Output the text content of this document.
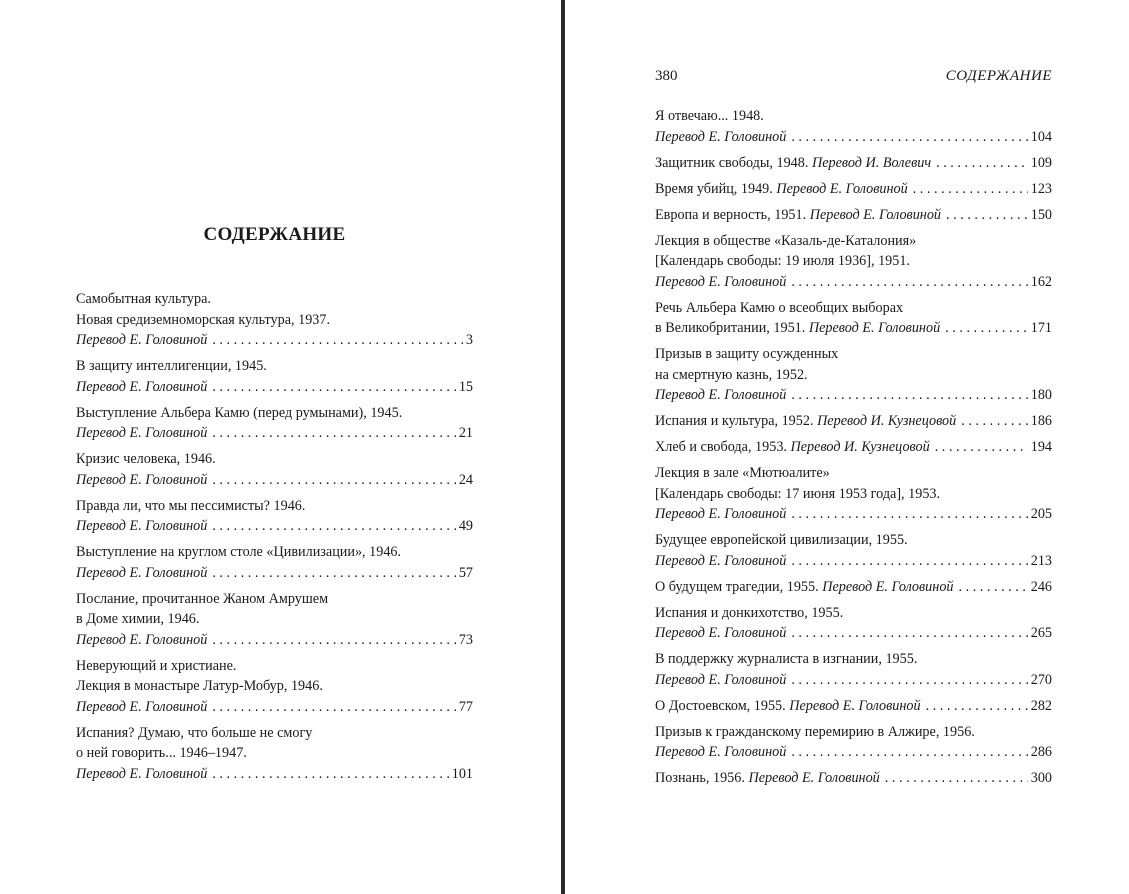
СОДЕРЖАНИЕ
Самобытная культура.
Новая средиземноморская культура, 1937.
Перевод Е. Головиной . . .	3
В защиту интеллигенции, 1945.
Перевод Е. Головиной . . .	15
Выступление Альбера Камю (перед румынами), 1945.
Перевод Е. Головиной . . .	21
Кризис человека, 1946.
Перевод Е. Головиной . . .	24
Правда ли, что мы пессимисты? 1946.
Перевод Е. Головиной . . .	49
Выступление на круглом столе «Цивилизации», 1946.
Перевод Е. Головиной . . .	57
Послание, прочитанное Жаном Амрушем
в Доме химии, 1946.
Перевод Е. Головиной . . .	73
Неверующий и христиане.
Лекция в монастыре Латур-Мобур, 1946.
Перевод Е. Головиной . . .	77
Испания? Думаю, что больше не смогу
о ней говорить... 1946–1947.
Перевод Е. Головиной . . .	101
380	СОДЕРЖАНИЕ
Я отвечаю... 1948.
Перевод Е. Головиной . . .	104
Защитник свободы, 1948. Перевод И. Волевич . . .	109
Время убийц, 1949. Перевод Е. Головиной . . .	123
Европа и верность, 1951. Перевод Е. Головиной . . .	150
Лекция в обществе «Казаль-де-Каталония»
[Календарь свободы: 19 июля 1936], 1951.
Перевод Е. Головиной . . .	162
Речь Альбера Камю о всеобщих выборах
в Великобритании, 1951. Перевод Е. Головиной . . .	171
Призыв в защиту осужденных
на смертную казнь, 1952.
Перевод Е. Головиной . . .	180
Испания и культура, 1952. Перевод И. Кузнецовой . . .	186
Хлеб и свобода, 1953. Перевод И. Кузнецовой . . .	194
Лекция в зале «Мютюалите»
[Календарь свободы: 17 июня 1953 года], 1953.
Перевод Е. Головиной . . .	205
Будущее европейской цивилизации, 1955.
Перевод Е. Головиной . . .	213
О будущем трагедии, 1955. Перевод Е. Головиной . . .	246
Испания и донкихотство, 1955.
Перевод Е. Головиной . . .	265
В поддержку журналиста в изгнании, 1955.
Перевод Е. Головиной . . .	270
О Достоевском, 1955. Перевод Е. Головиной . . .	282
Призыв к гражданскому перемирию в Алжире, 1956.
Перевод Е. Головиной . . .	286
Познань, 1956. Перевод Е. Головиной . . .	300
